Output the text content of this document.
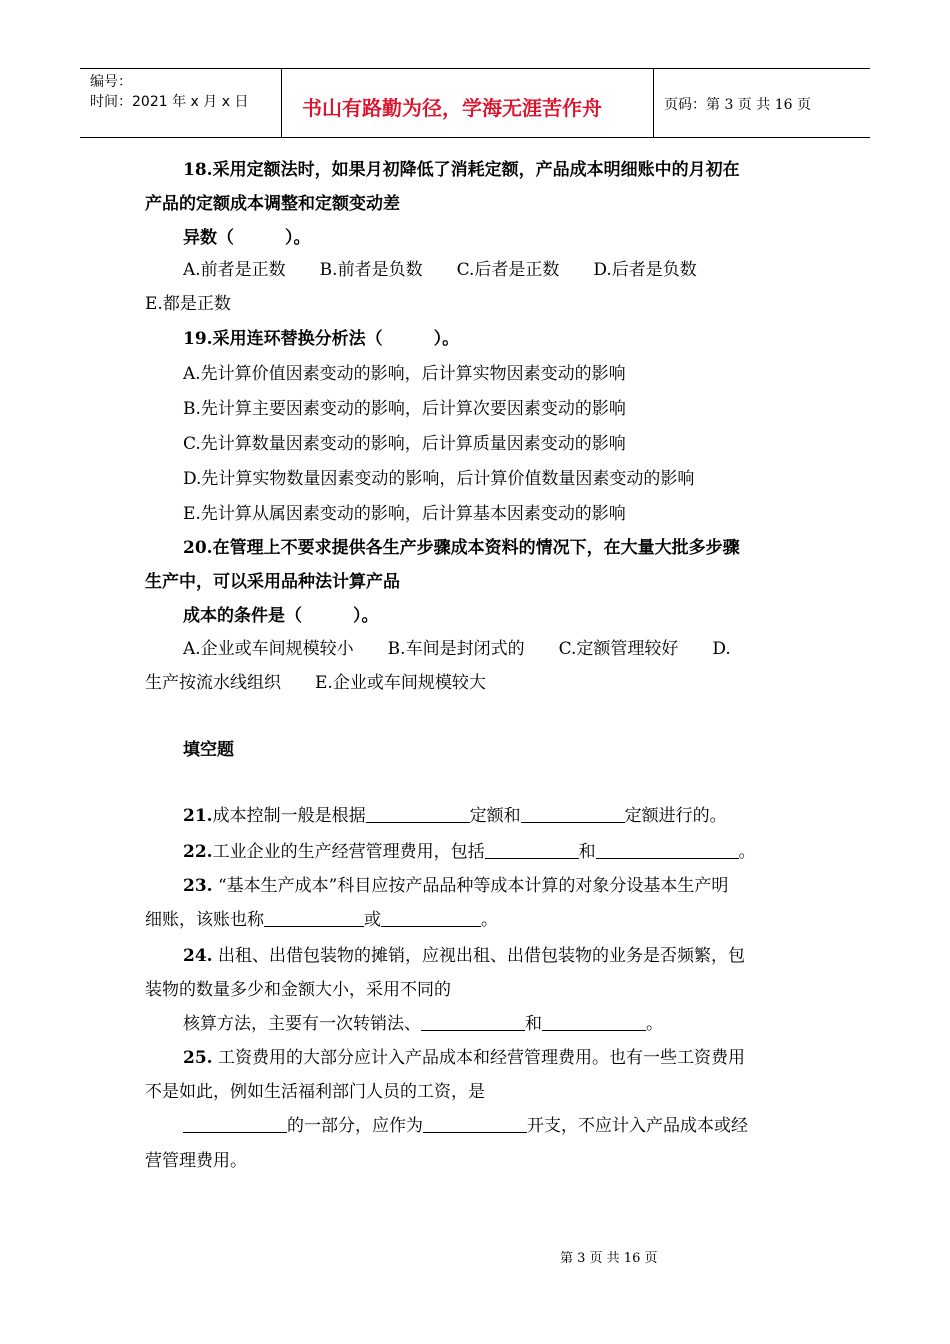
编号：
时间：2021 年 x 月 x 日	书山有路勤为径，学海无涯苦作舟	页码：第 3 页 共 16 页
18.采用定额法时，如果月初降低了消耗定额，产品成本明细账中的月初在
产品的定额成本调整和定额变动差
异数（　　　）。
A.前者是正数　　B.前者是负数　　C.后者是正数　　D.后者是负数
E.都是正数
19.采用连环替换分析法（　　　）。
A.先计算价值因素变动的影响，后计算实物因素变动的影响
B.先计算主要因素变动的影响，后计算次要因素变动的影响
C.先计算数量因素变动的影响，后计算质量因素变动的影响
D.先计算实物数量因素变动的影响，后计算价值数量因素变动的影响
E.先计算从属因素变动的影响，后计算基本因素变动的影响
20.在管理上不要求提供各生产步骤成本资料的情况下，在大量大批多步骤
生产中，可以采用品种法计算产品
成本的条件是（　　　）。
A.企业或车间规模较小　　B.车间是封闭式的　　C.定额管理较好　　D.
生产按流水线组织　　E.企业或车间规模较大
填空题
21.成本控制一般是根据	定额和	定额进行的。
22.工业企业的生产经营管理费用，包括	和	。
23. “基本生产成本”科目应按产品品种等成本计算的对象分设基本生产明
细账，该账也称	或	。
24. 出租、出借包装物的摊销，应视出租、出借包装物的业务是否频繁，包
装物的数量多少和金额大小，采用不同的
核算方法，主要有一次转销法、	和	。
25. 工资费用的大部分应计入产品成本和经营管理费用。也有一些工资费用
不是如此，例如生活福利部门人员的工资，是
的一部分，应作为	开支，不应计入产品成本或经
营管理费用。
第 3 页 共 16 页
